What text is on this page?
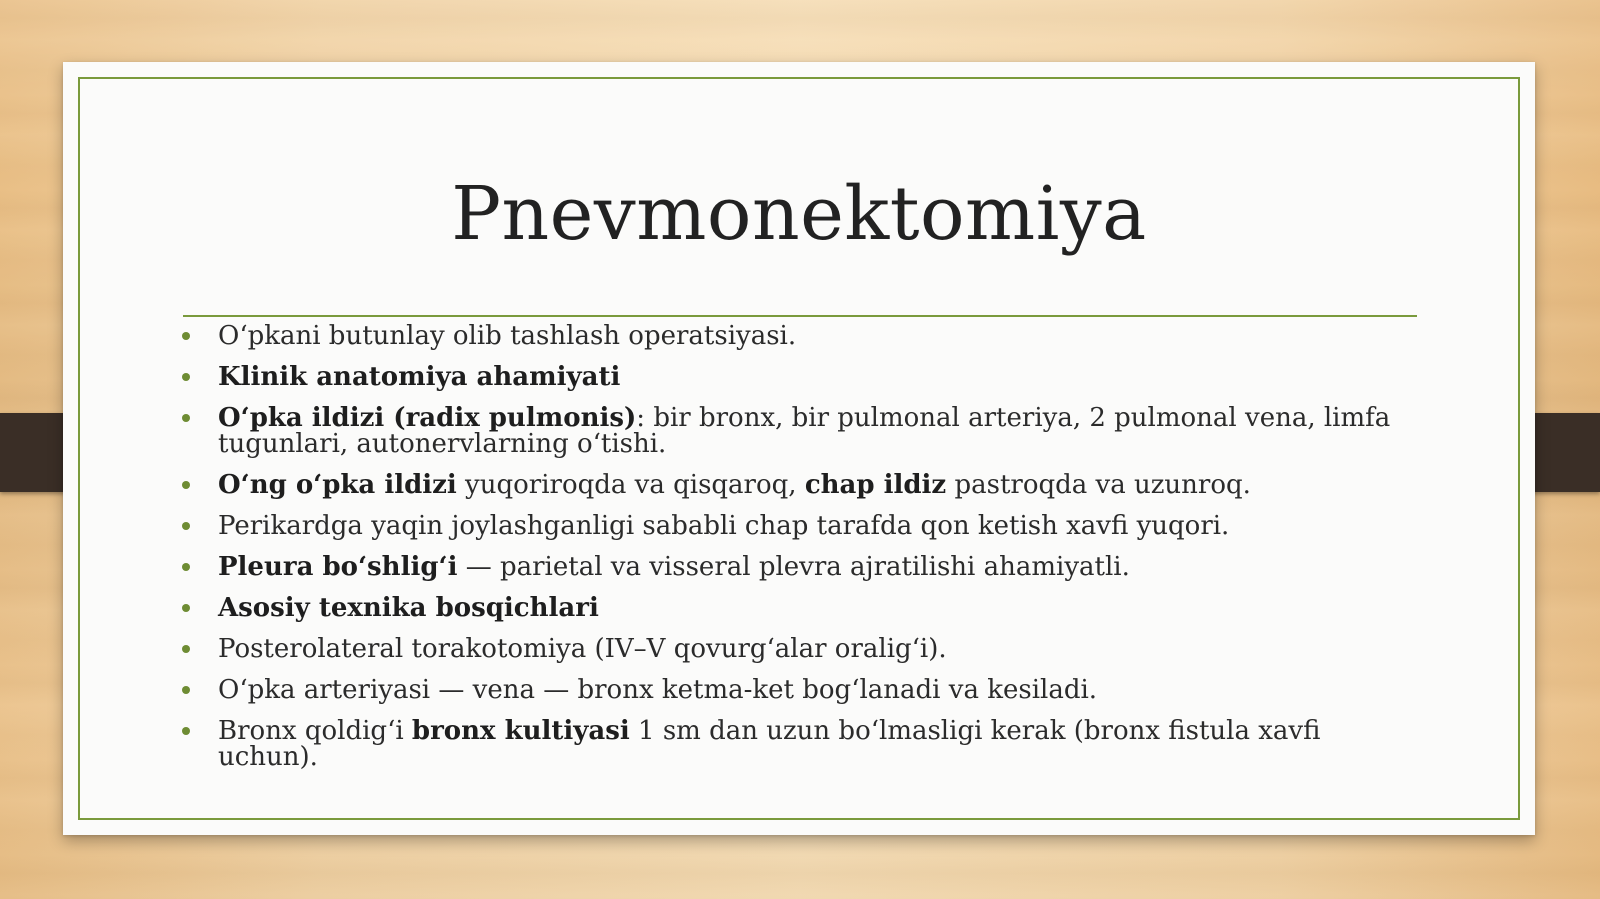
Pnevmonektomiya
O‘pkani butunlay olib tashlash operatsiyasi.
Klinik anatomiya ahamiyati
O‘pka ildizi (radix pulmonis): bir bronx, bir pulmonal arteriya, 2 pulmonal vena, limfa tugunlari, autonervlarning o‘tishi.
O‘ng o‘pka ildizi yuqoriroqda va qisqaroq, chap ildiz pastroqda va uzunroq.
Perikardga yaqin joylashganligi sababli chap tarafda qon ketish xavfi yuqori.
Pleura bo‘shlig‘i — parietal va visseral plevra ajratilishi ahamiyatli.
Asosiy texnika bosqichlari
Posterolateral torakotomiya (IV–V qovurg‘alar oralig‘i).
O‘pka arteriyasi — vena — bronx ketma-ket bog‘lanadi va kesiladi.
Bronx qoldig‘i bronx kultiyasi 1 sm dan uzun bo‘lmasligi kerak (bronx fistula xavfi uchun).
